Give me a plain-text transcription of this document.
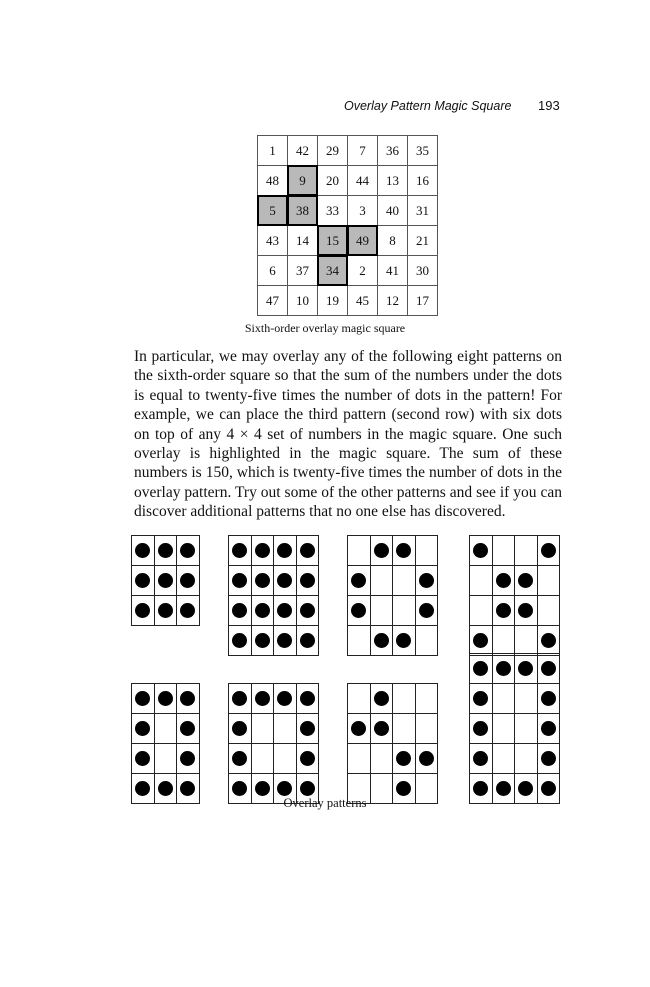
Overlay Pattern Magic Square 193
1	42	29	7	36	35
48	9	20	44	13	16
5	38	33	3	40	31
43	14	15	49	8	21
6	37	34	2	41	30
47	10	19	45	12	17
Sixth-order overlay magic square

In particular, we may overlay any of the following eight patterns on the sixth-order square so that the sum of the numbers under the dots is equal to twenty-five times the number of dots in the pattern! For example, we can place the third pattern (second row) with six dots on top of any 4 × 4 set of numbers in the magic square. One such overlay is highlighted in the magic square. The sum of these numbers is 150, which is twenty-five times the number of dots in the overlay pattern. Try out some of the other patterns and see if you can discover additional patterns that no one else has discovered.

Overlay patterns
